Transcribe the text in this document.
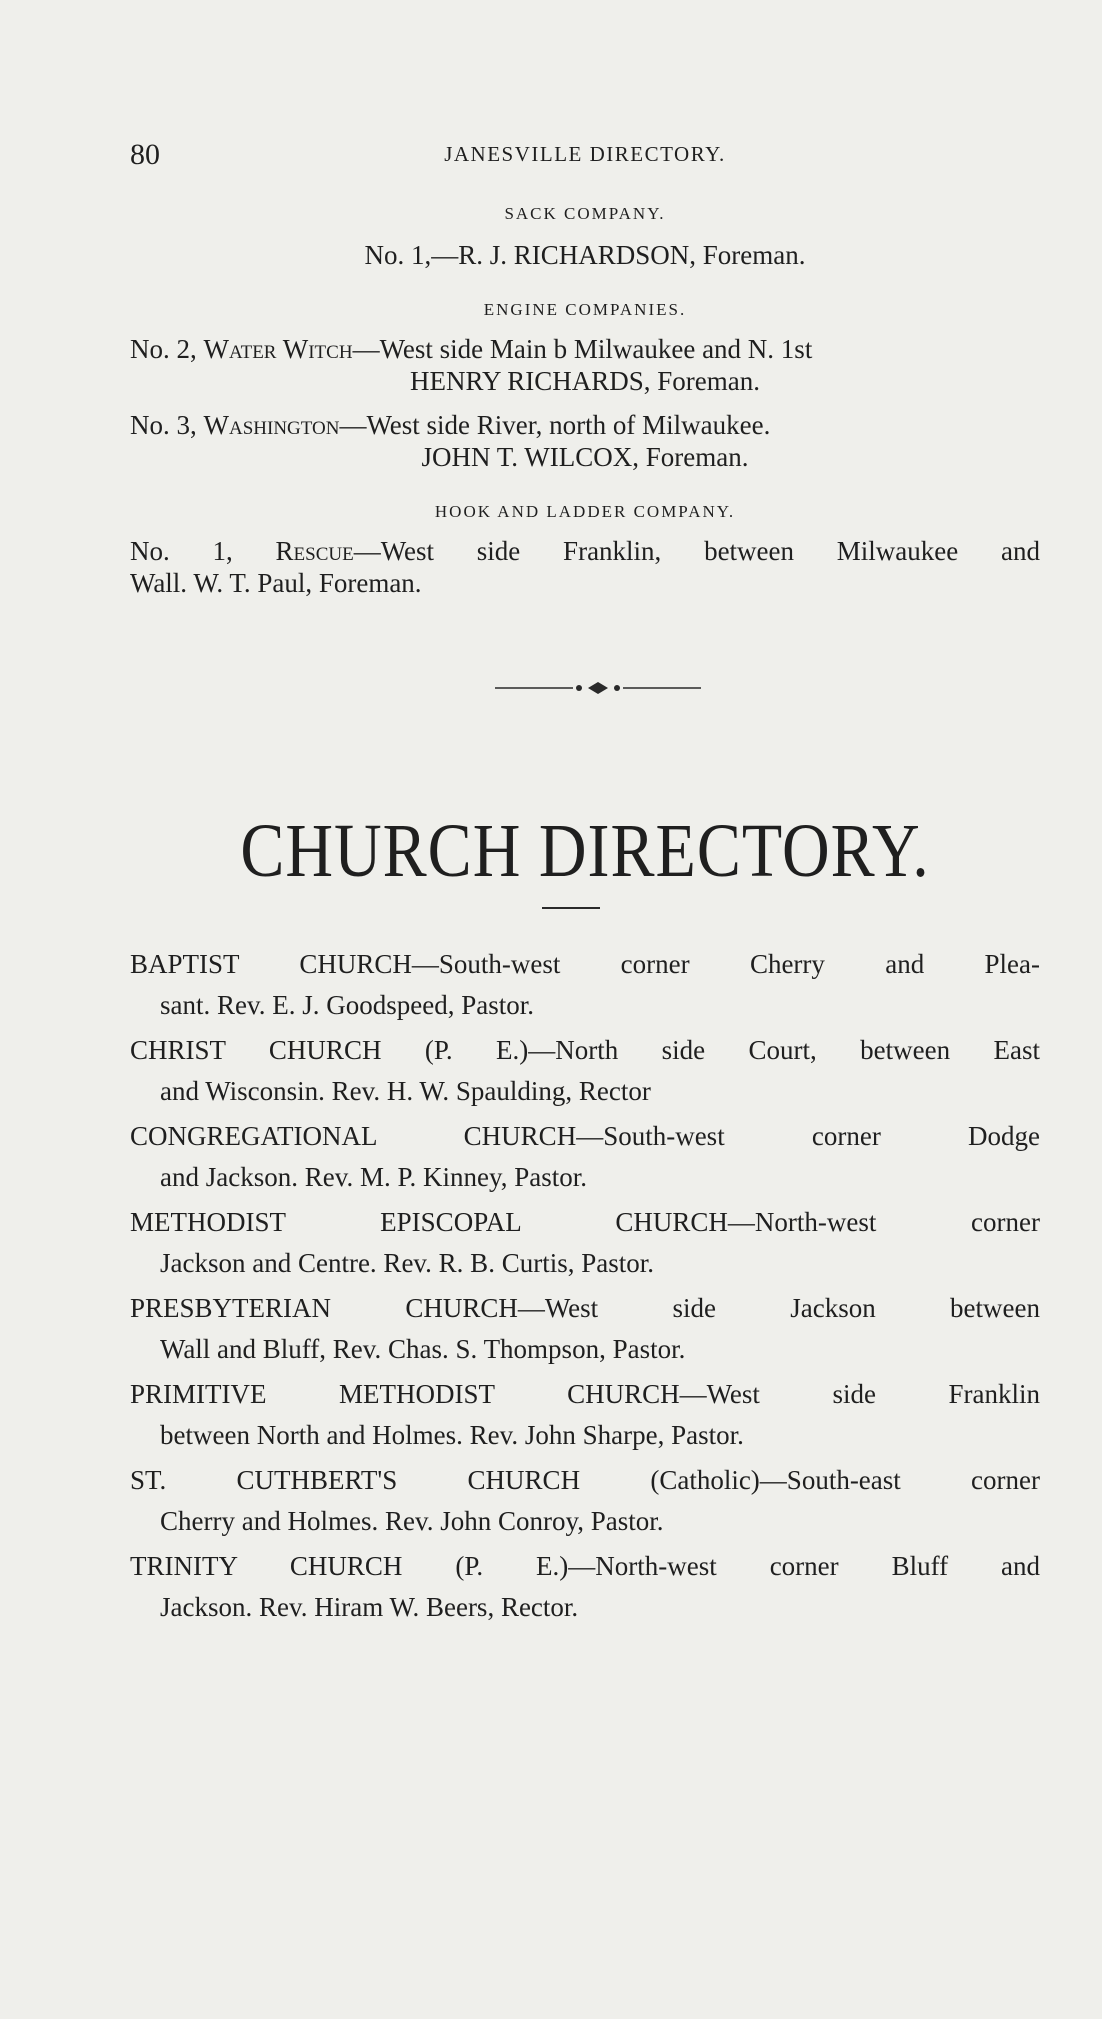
80	JANESVILLE DIRECTORY.
SACK COMPANY.
No. 1,—R. J. RICHARDSON, Foreman.
ENGINE COMPANIES.
No. 2, Water Witch—West side Main b Milwaukee and N. 1st
HENRY RICHARDS, Foreman.
No. 3, Washington—West side River, north of Milwaukee.
JOHN T. WILCOX, Foreman.
HOOK AND LADDER COMPANY.
No. 1, Rescue—West side Franklin, between Milwaukee and
Wall. W. T. Paul, Foreman.
CHURCH DIRECTORY.
BAPTIST CHURCH—South-west corner Cherry and Plea-
sant. Rev. E. J. Goodspeed, Pastor.
CHRIST CHURCH (P. E.)—North side Court, between East
and Wisconsin. Rev. H. W. Spaulding, Rector
CONGREGATIONAL CHURCH—South-west corner Dodge
and Jackson. Rev. M. P. Kinney, Pastor.
METHODIST EPISCOPAL CHURCH—North-west corner
Jackson and Centre. Rev. R. B. Curtis, Pastor.
PRESBYTERIAN CHURCH—West side Jackson between
Wall and Bluff, Rev. Chas. S. Thompson, Pastor.
PRIMITIVE METHODIST CHURCH—West side Franklin
between North and Holmes. Rev. John Sharpe, Pastor.
ST. CUTHBERT'S CHURCH (Catholic)—South-east corner
Cherry and Holmes. Rev. John Conroy, Pastor.
TRINITY CHURCH (P. E.)—North-west corner Bluff and
Jackson. Rev. Hiram W. Beers, Rector.
